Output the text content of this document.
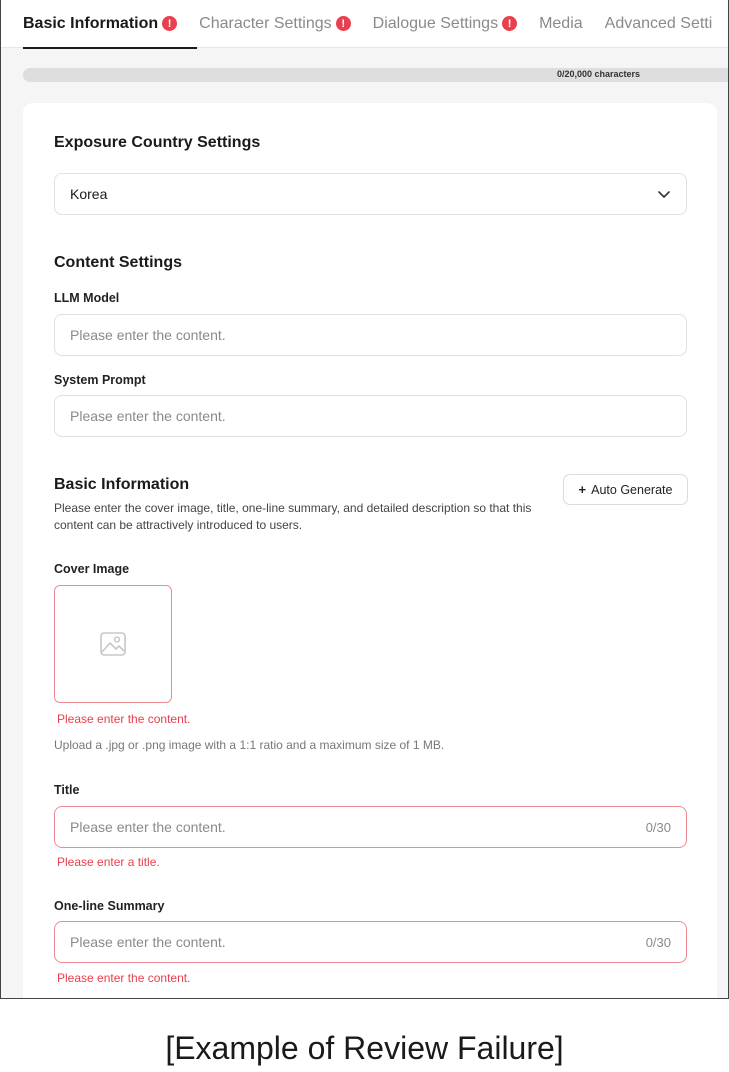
Basic Information !	Character Settings !	Dialogue Settings !	Media Advanced Setti
0/20,000 characters
Exposure Country Settings
Korea
Content Settings
LLM Model
Please enter the content.
System Prompt
Please enter the content.
Basic Information	+ Auto Generate
Please enter the cover image, title, one-line summary, and detailed description so that this content can be attractively introduced to users.
Cover Image
Please enter the content.
Upload a .jpg or .png image with a 1:1 ratio and a maximum size of 1 MB.
Title
Please enter the content.	0/30
Please enter a title.
One-line Summary
Please enter the content.	0/30
Please enter the content.
[Example of Review Failure]
